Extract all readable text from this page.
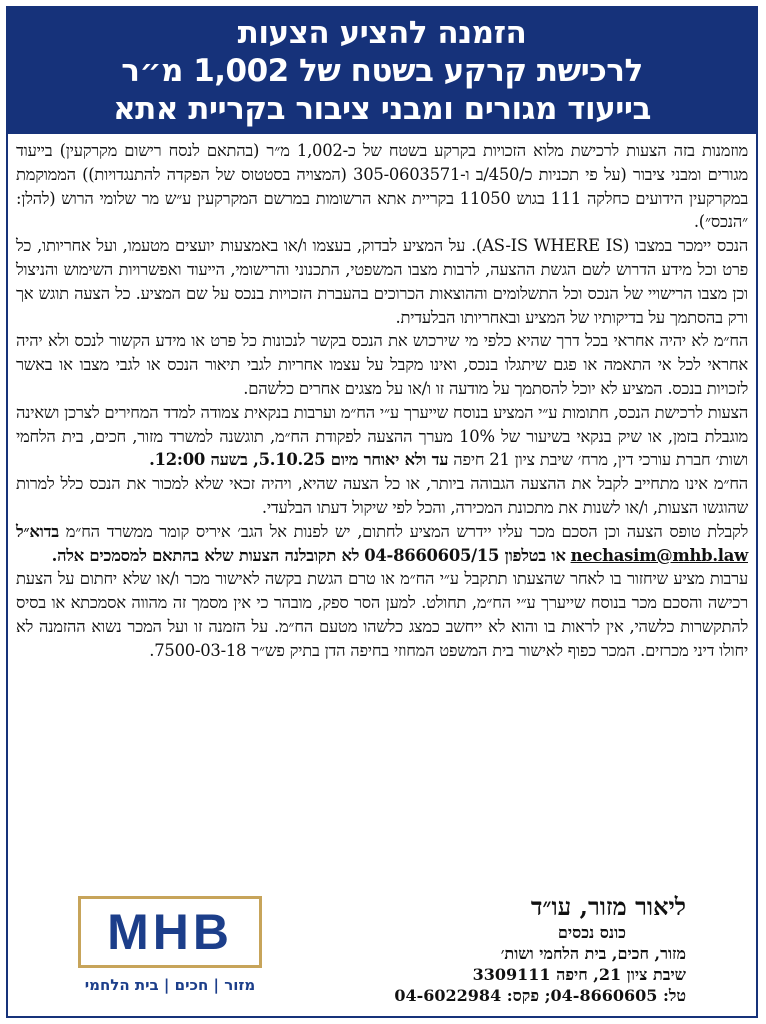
הזמנה להציע הצעות
לרכישת קרקע בשטח של 1,002 מ״ר
בייעוד מגורים ומבני ציבור בקריית אתא

מוזמנות בזה הצעות לרכישת מלוא הזכויות בקרקע בשטח של כ-1,002 מ״ר (בהתאם לנסח רישום מקרקעין) בייעוד מגורים ומבני ציבור (על פי תכניות כ/450/ב ו-305-0603571 (המצויה בסטטוס של הפקדה להתנגדויות)) הממוקמת במקרקעין הידועים כחלקה 111 בגוש 11050 בקריית אתא הרשומות במרשם המקרקעין ע״ש מר שלומי הרוש (להלן: ״הנכס״).

הנכס יימכר במצבו (AS-IS WHERE IS). על המציע לבדוק, בעצמו ו/או באמצעות יועצים מטעמו, ועל אחריותו, כל פרט וכל מידע הדרוש לשם הגשת ההצעה, לרבות מצבו המשפטי, התכנוני והרישומי, הייעוד ואפשרויות השימוש והניצול וכן מצבו הרישויי של הנכס וכל התשלומים וההוצאות הכרוכים בהעברת הזכויות בנכס על שם המציע. כל הצעה תוגש אך ורק בהסתמך על בדיקותיו של המציע ובאחריותו הבלעדית.

הח״מ לא יהיה אחראי בכל דרך שהיא כלפי מי שירכוש את הנכס בקשר לנכונות כל פרט או מידע הקשור לנכס ולא יהיה אחראי לכל אי התאמה או פגם שיתגלו בנכס, ואינו מקבל על עצמו אחריות לגבי תיאור הנכס או לגבי מצבו או באשר לזכויות בנכס. המציע לא יוכל להסתמך על מודעה זו ו/או על מצגים אחרים כלשהם.

הצעות לרכישת הנכס, חתומות ע״י המציע בנוסח שייערך ע״י הח״מ וערבות בנקאית צמודה למדד המחירים לצרכן ושאינה מוגבלת בזמן, או שיק בנקאי בשיעור של 10% מערך ההצעה לפקודת הח״מ, תוגשנה למשרד מזור, חכים, בית הלחמי ושות׳ חברת עורכי דין, מרח׳ שיבת ציון 21 חיפה עד ולא יאוחר מיום 5.10.25, בשעה 12:00.

הח״מ אינו מתחייב לקבל את ההצעה הגבוהה ביותר, או כל הצעה שהיא, ויהיה זכאי שלא למכור את הנכס כלל למרות שהוגשו הצעות, ו/או לשנות את מתכונת המכירה, והכל לפי שיקול דעתו הבלעדי.

לקבלת טופס הצעה וכן הסכם מכר עליו יידרש המציע לחתום, יש לפנות אל הגב׳ איריס קומר ממשרד הח״מ בדוא״ל nechasim@mhb.law או בטלפון 04-8660605/15 לא תקובלנה הצעות שלא בהתאם למסמכים אלה.

ערבות מציע שיחזור בו לאחר שהצעתו תתקבל ע״י הח״מ או טרם הגשת בקשה לאישור מכר ו/או שלא יחתום על הצעת רכישה והסכם מכר בנוסח שייערך ע״י הח״מ, תחולט. למען הסר ספק, מובהר כי אין מסמך זה מהווה אסמכתא או בסיס להתקשרות כלשהי, אין לראות בו והוא לא ייחשב כמצג כלשהו מטעם הח״מ. על הזמנה זו ועל המכר נשוא ההזמנה לא יחולו דיני מכרזים. המכר כפוף לאישור בית המשפט המחוזי בחיפה הדן בתיק פש״ר 7500-03-18.

ליאור מזור, עו״ד
כונס נכסים
מזור, חכים, בית הלחמי ושות׳
שיבת ציון 21, חיפה 3309111
טל: 04-8660605; פקס: 04-6022984
MHB
מזור | חכים | בית הלחמי
